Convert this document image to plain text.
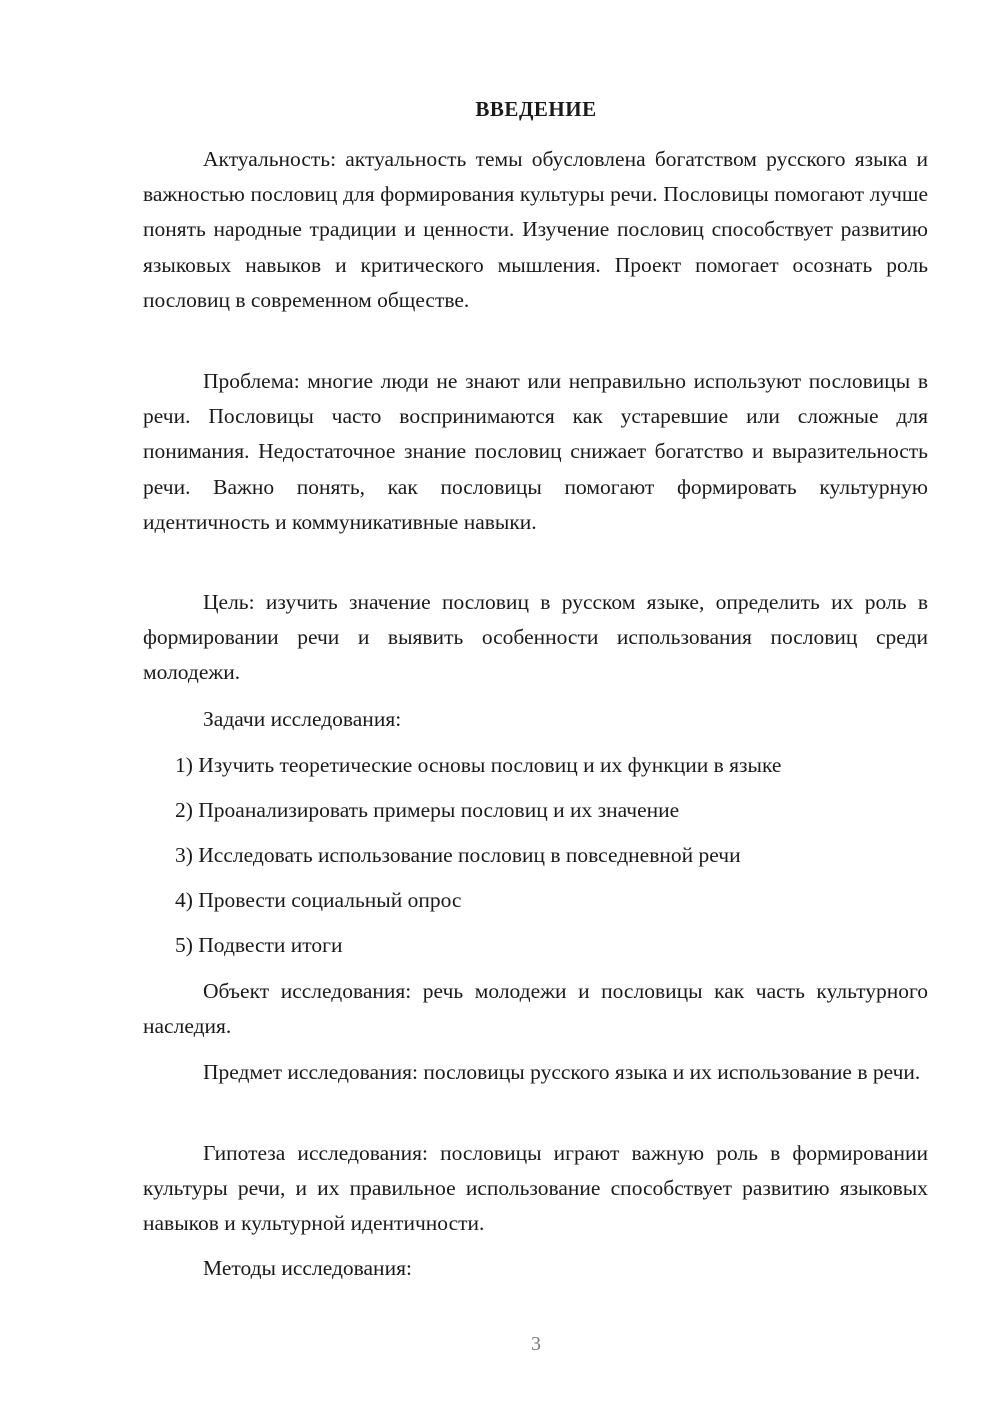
ВВЕДЕНИЕ

Актуальность: актуальность темы обусловлена богатством русского языка и важностью пословиц для формирования культуры речи. Пословицы помогают лучше понять народные традиции и ценности. Изучение пословиц способствует развитию языковых навыков и критического мышления. Проект помогает осознать роль пословиц в современном обществе.

Проблема: многие люди не знают или неправильно используют пословицы в речи. Пословицы часто воспринимаются как устаревшие или сложные для понимания. Недостаточное знание пословиц снижает богатство и выразительность речи. Важно понять, как пословицы помогают формировать культурную идентичность и коммуникативные навыки.

Цель: изучить значение пословиц в русском языке, определить их роль в формировании речи и выявить особенности использования пословиц среди молодежи.

Задачи исследования:

1) Изучить теоретические основы пословиц и их функции в языке
2) Проанализировать примеры пословиц и их значение
3) Исследовать использование пословиц в повседневной речи
4) Провести социальный опрос
5) Подвести итоги

Объект исследования: речь молодежи и пословицы как часть культурного наследия.

Предмет исследования: пословицы русского языка и их использование в речи.

Гипотеза исследования: пословицы играют важную роль в формировании культуры речи, и их правильное использование способствует развитию языковых навыков и культурной идентичности.

Методы исследования:

3
